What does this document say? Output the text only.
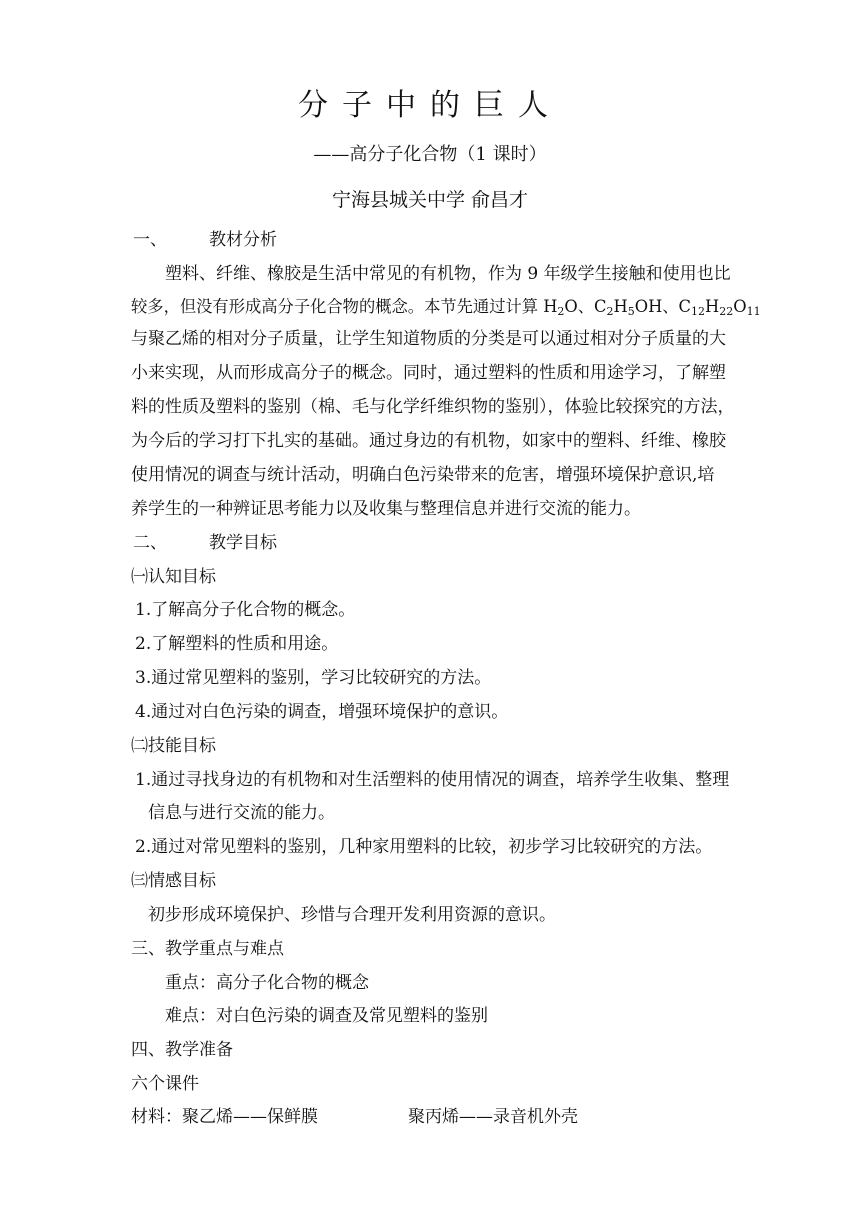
分子中的巨人
——高分子化合物（1 课时）
宁海县城关中学 俞昌才
一、 教材分析
塑料、纤维、橡胶是生活中常见的有机物，作为 9 年级学生接触和使用也比
较多，但没有形成高分子化合物的概念。本节先通过计算 $H_2O$、$C_2H_5OH$、$C_{12}H_{22}O_{11}$
与聚乙烯的相对分子质量，让学生知道物质的分类是可以通过相对分子质量的大
小来实现，从而形成高分子的概念。同时，通过塑料的性质和用途学习，了解塑
料的性质及塑料的鉴别（棉、毛与化学纤维织物的鉴别），体验比较探究的方法，
为今后的学习打下扎实的基础。通过身边的有机物，如家中的塑料、纤维、橡胶
使用情况的调查与统计活动，明确白色污染带来的危害，增强环境保护意识,培
养学生的一种辨证思考能力以及收集与整理信息并进行交流的能力。
二、 教学目标
㈠认知目标
1.了解高分子化合物的概念。
2.了解塑料的性质和用途。
3.通过常见塑料的鉴别，学习比较研究的方法。
4.通过对白色污染的调查，增强环境保护的意识。
㈡技能目标
1.通过寻找身边的有机物和对生活塑料的使用情况的调查，培养学生收集、整理
信息与进行交流的能力。
2.通过对常见塑料的鉴别，几种家用塑料的比较，初步学习比较研究的方法。
㈢情感目标
初步形成环境保护、珍惜与合理开发利用资源的意识。
三、教学重点与难点
重点：高分子化合物的概念
难点：对白色污染的调查及常见塑料的鉴别
四、教学准备
六个课件
材料：聚乙烯——保鲜膜	聚丙烯——录音机外壳
